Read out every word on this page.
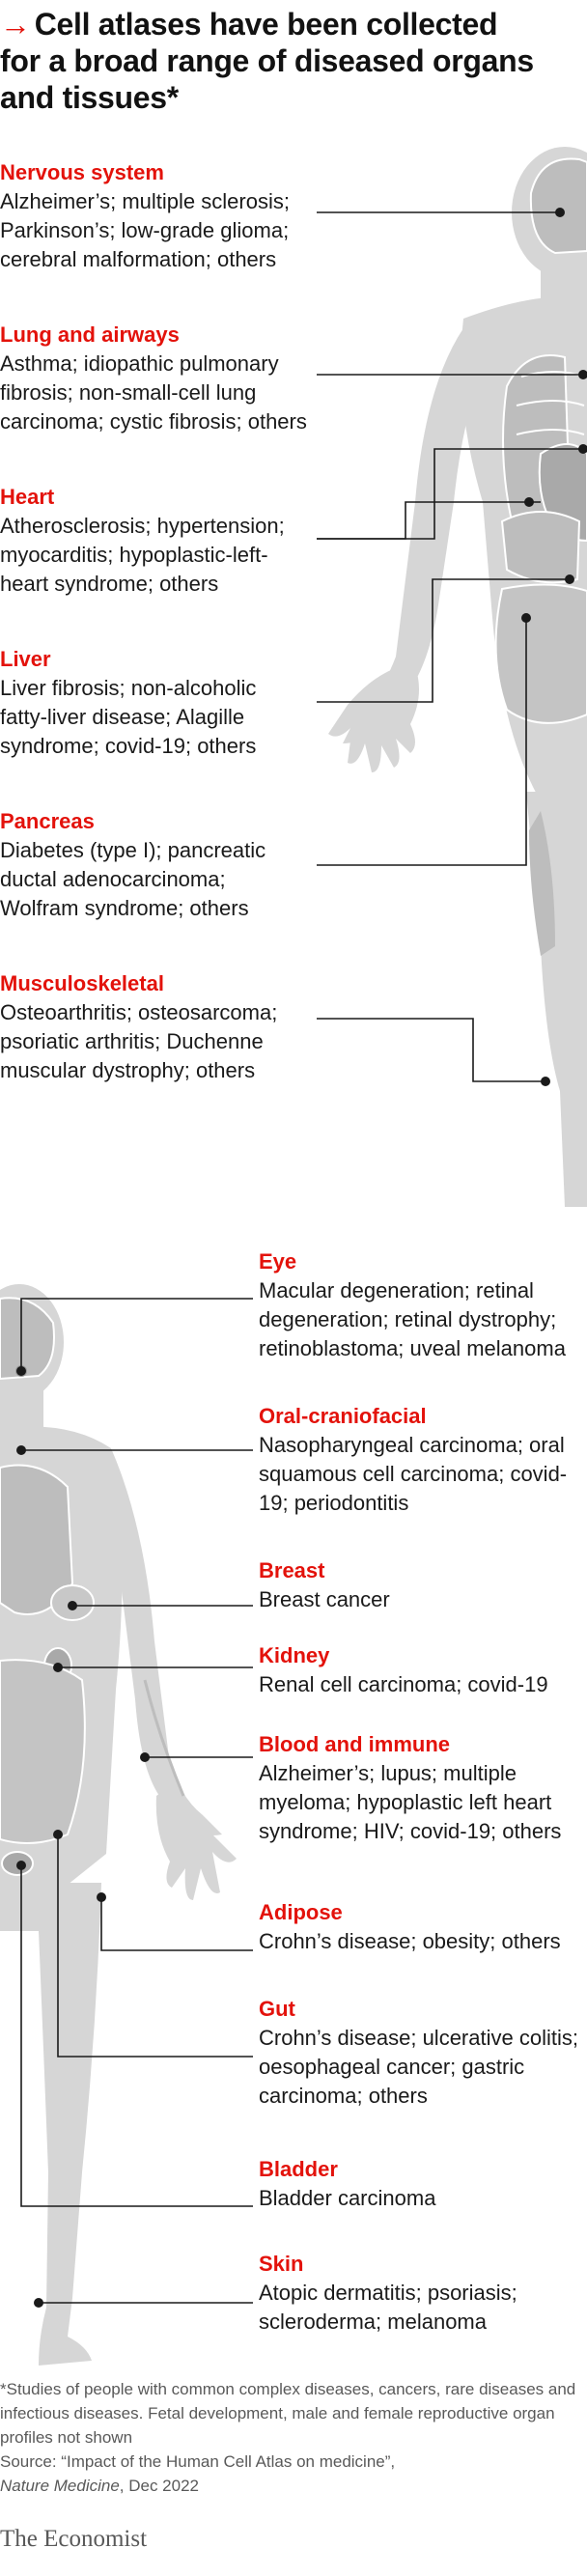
→ Cell atlases have been collected for a broad range of diseased organs and tissues*
Nervous system
Alzheimer’s; multiple sclerosis; Parkinson’s; low-grade glioma; cerebral malformation; others
Lung and airways
Asthma; idiopathic pulmonary fibrosis; non-small-cell lung carcinoma; cystic fibrosis; others
Heart
Atherosclerosis; hypertension; myocarditis; hypoplastic-left-heart syndrome; others
Liver
Liver fibrosis; non-alcoholic fatty-liver disease; Alagille syndrome; covid-19; others
Pancreas
Diabetes (type I); pancreatic ductal adenocarcinoma; Wolfram syndrome; others
Musculoskeletal
Osteoarthritis; osteosarcoma; psoriatic arthritis; Duchenne muscular dystrophy; others
Eye
Macular degeneration; retinal degeneration; retinal dystrophy; retinoblastoma; uveal melanoma
Oral-craniofacial
Nasopharyngeal carcinoma; oral squamous cell carcinoma; covid-19; periodontitis
Breast
Breast cancer
Kidney
Renal cell carcinoma; covid-19
Blood and immune
Alzheimer’s; lupus; multiple myeloma; hypoplastic left heart syndrome; HIV; covid-19; others
Adipose
Crohn’s disease; obesity; others
Gut
Crohn’s disease; ulcerative colitis; oesophageal cancer; gastric carcinoma; others
Bladder
Bladder carcinoma
Skin
Atopic dermatitis; psoriasis; scleroderma; melanoma
*Studies of people with common complex diseases, cancers, rare diseases and infectious diseases. Fetal development, male and female reproductive organ profiles not shown
Source: “Impact of the Human Cell Atlas on medicine”,
Nature Medicine, Dec 2022
The Economist
